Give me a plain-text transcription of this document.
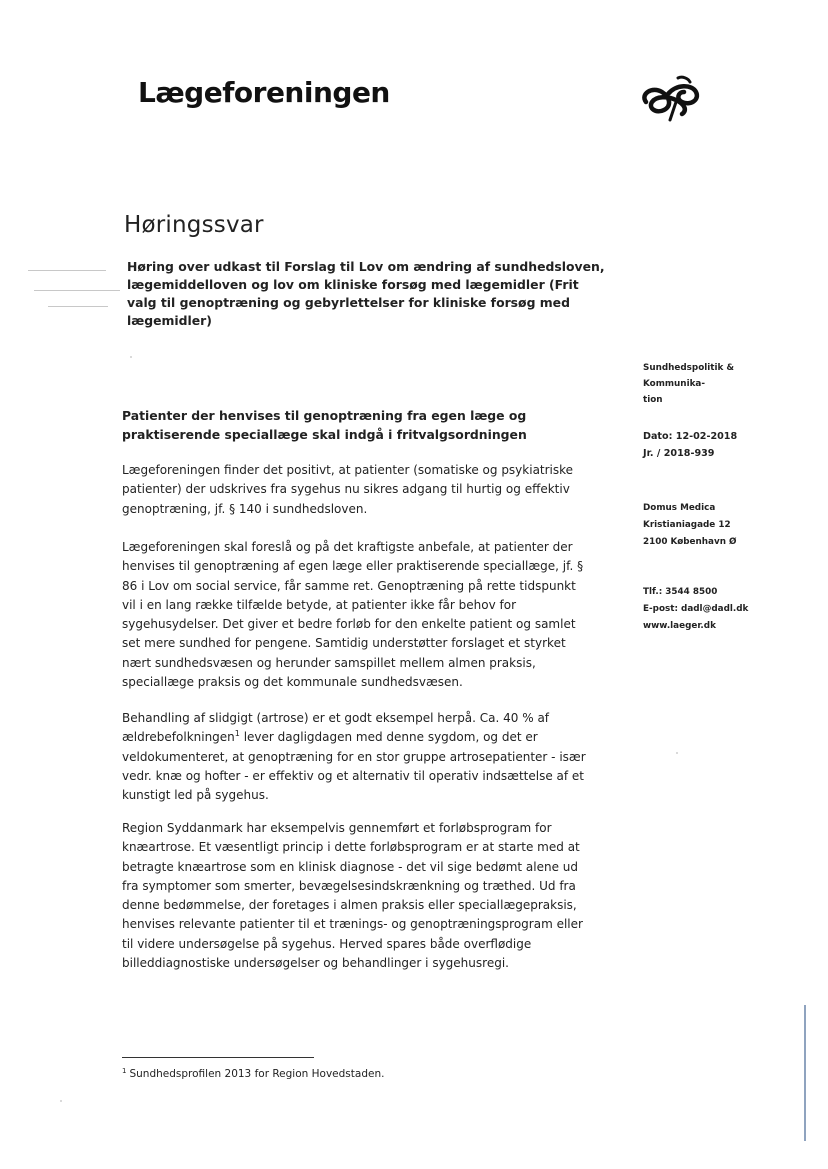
Lægeforeningen
Høringssvar
Høring over udkast til Forslag til Lov om ændring af sundhedsloven, lægemiddelloven og lov om kliniske forsøg med lægemidler (Frit valg til genoptræning og gebyrlettelser for kliniske forsøg med lægemidler)
Sundhedspolitik & Kommunika-
tion
Dato: 12-02-2018
Jr. / 2018-939
Domus Medica
Kristianiagade 12
2100 København Ø
Tlf.: 3544 8500
E-post: dadl@dadl.dk
www.laeger.dk
Patienter der henvises til genoptræning fra egen læge og praktiserende speciallæge skal indgå i fritvalgsordningen
Lægeforeningen finder det positivt, at patienter (somatiske og psykiatriske patienter) der udskrives fra sygehus nu sikres adgang til hurtig og effektiv genoptræning, jf. § 140 i sundhedsloven.
Lægeforeningen skal foreslå og på det kraftigste anbefale, at patienter der henvises til genoptræning af egen læge eller praktiserende speciallæge, jf. § 86 i Lov om social service, får samme ret. Genoptræning på rette tidspunkt vil i en lang række tilfælde betyde, at patienter ikke får behov for sygehusydelser. Det giver et bedre forløb for den enkelte patient og samlet set mere sundhed for pengene. Samtidig understøtter forslaget et styrket nært sundhedsvæsen og herunder samspillet mellem almen praksis, speciallæge praksis og det kommunale sundhedsvæsen.
Behandling af slidgigt (artrose) er et godt eksempel herpå. Ca. 40 % af ældrebefolkningen$^1$ lever dagligdagen med denne sygdom, og det er veldokumenteret, at genoptræning for en stor gruppe artrosepatienter - især vedr. knæ og hofter - er effektiv og et alternativ til operativ indsættelse af et kunstigt led på sygehus.
Region Syddanmark har eksempelvis gennemført et forløbsprogram for knæartrose. Et væsentligt princip i dette forløbsprogram er at starte med at betragte knæartrose som en klinisk diagnose - det vil sige bedømt alene ud fra symptomer som smerter, bevægelsesindskrænkning og træthed. Ud fra denne bedømmelse, der foretages i almen praksis eller speciallægepraksis, henvises relevante patienter til et trænings- og genoptræningsprogram eller til videre undersøgelse på sygehus. Herved spares både overflødige billeddiagnostiske undersøgelser og behandlinger i sygehusregi.
$^1$ Sundhedsprofilen 2013 for Region Hovedstaden.
